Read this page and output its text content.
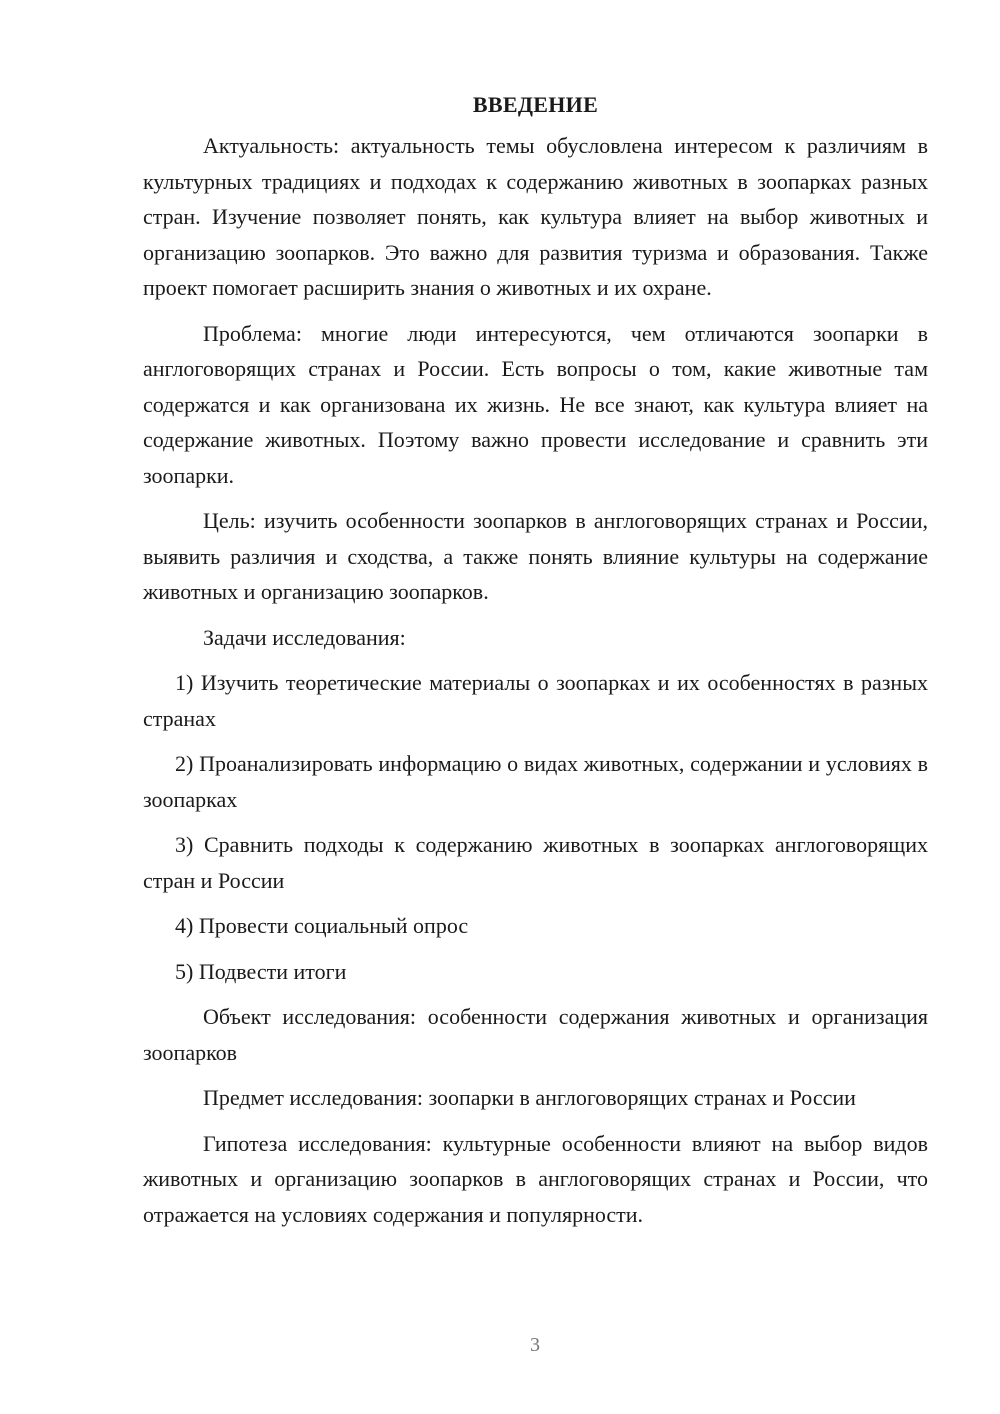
ВВЕДЕНИЕ

Актуальность: актуальность темы обусловлена интересом к различиям в культурных традициях и подходах к содержанию животных в зоопарках разных стран. Изучение позволяет понять, как культура влияет на выбор животных и организацию зоопарков. Это важно для развития туризма и образования. Также проект помогает расширить знания о животных и их охране.

Проблема: многие люди интересуются, чем отличаются зоопарки в англоговорящих странах и России. Есть вопросы о том, какие животные там содержатся и как организована их жизнь. Не все знают, как культура влияет на содержание животных. Поэтому важно провести исследование и сравнить эти зоопарки.

Цель: изучить особенности зоопарков в англоговорящих странах и России, выявить различия и сходства, а также понять влияние культуры на содержание животных и организацию зоопарков.

Задачи исследования:

1) Изучить теоретические материалы о зоопарках и их особенностях в разных странах

2) Проанализировать информацию о видах животных, содержании и условиях в зоопарках

3) Сравнить подходы к содержанию животных в зоопарках англоговорящих стран и России

4) Провести социальный опрос

5) Подвести итоги

Объект исследования: особенности содержания животных и организация зоопарков

Предмет исследования: зоопарки в англоговорящих странах и России

Гипотеза исследования: культурные особенности влияют на выбор видов животных и организацию зоопарков в англоговорящих странах и России, что отражается на условиях содержания и популярности.

3
